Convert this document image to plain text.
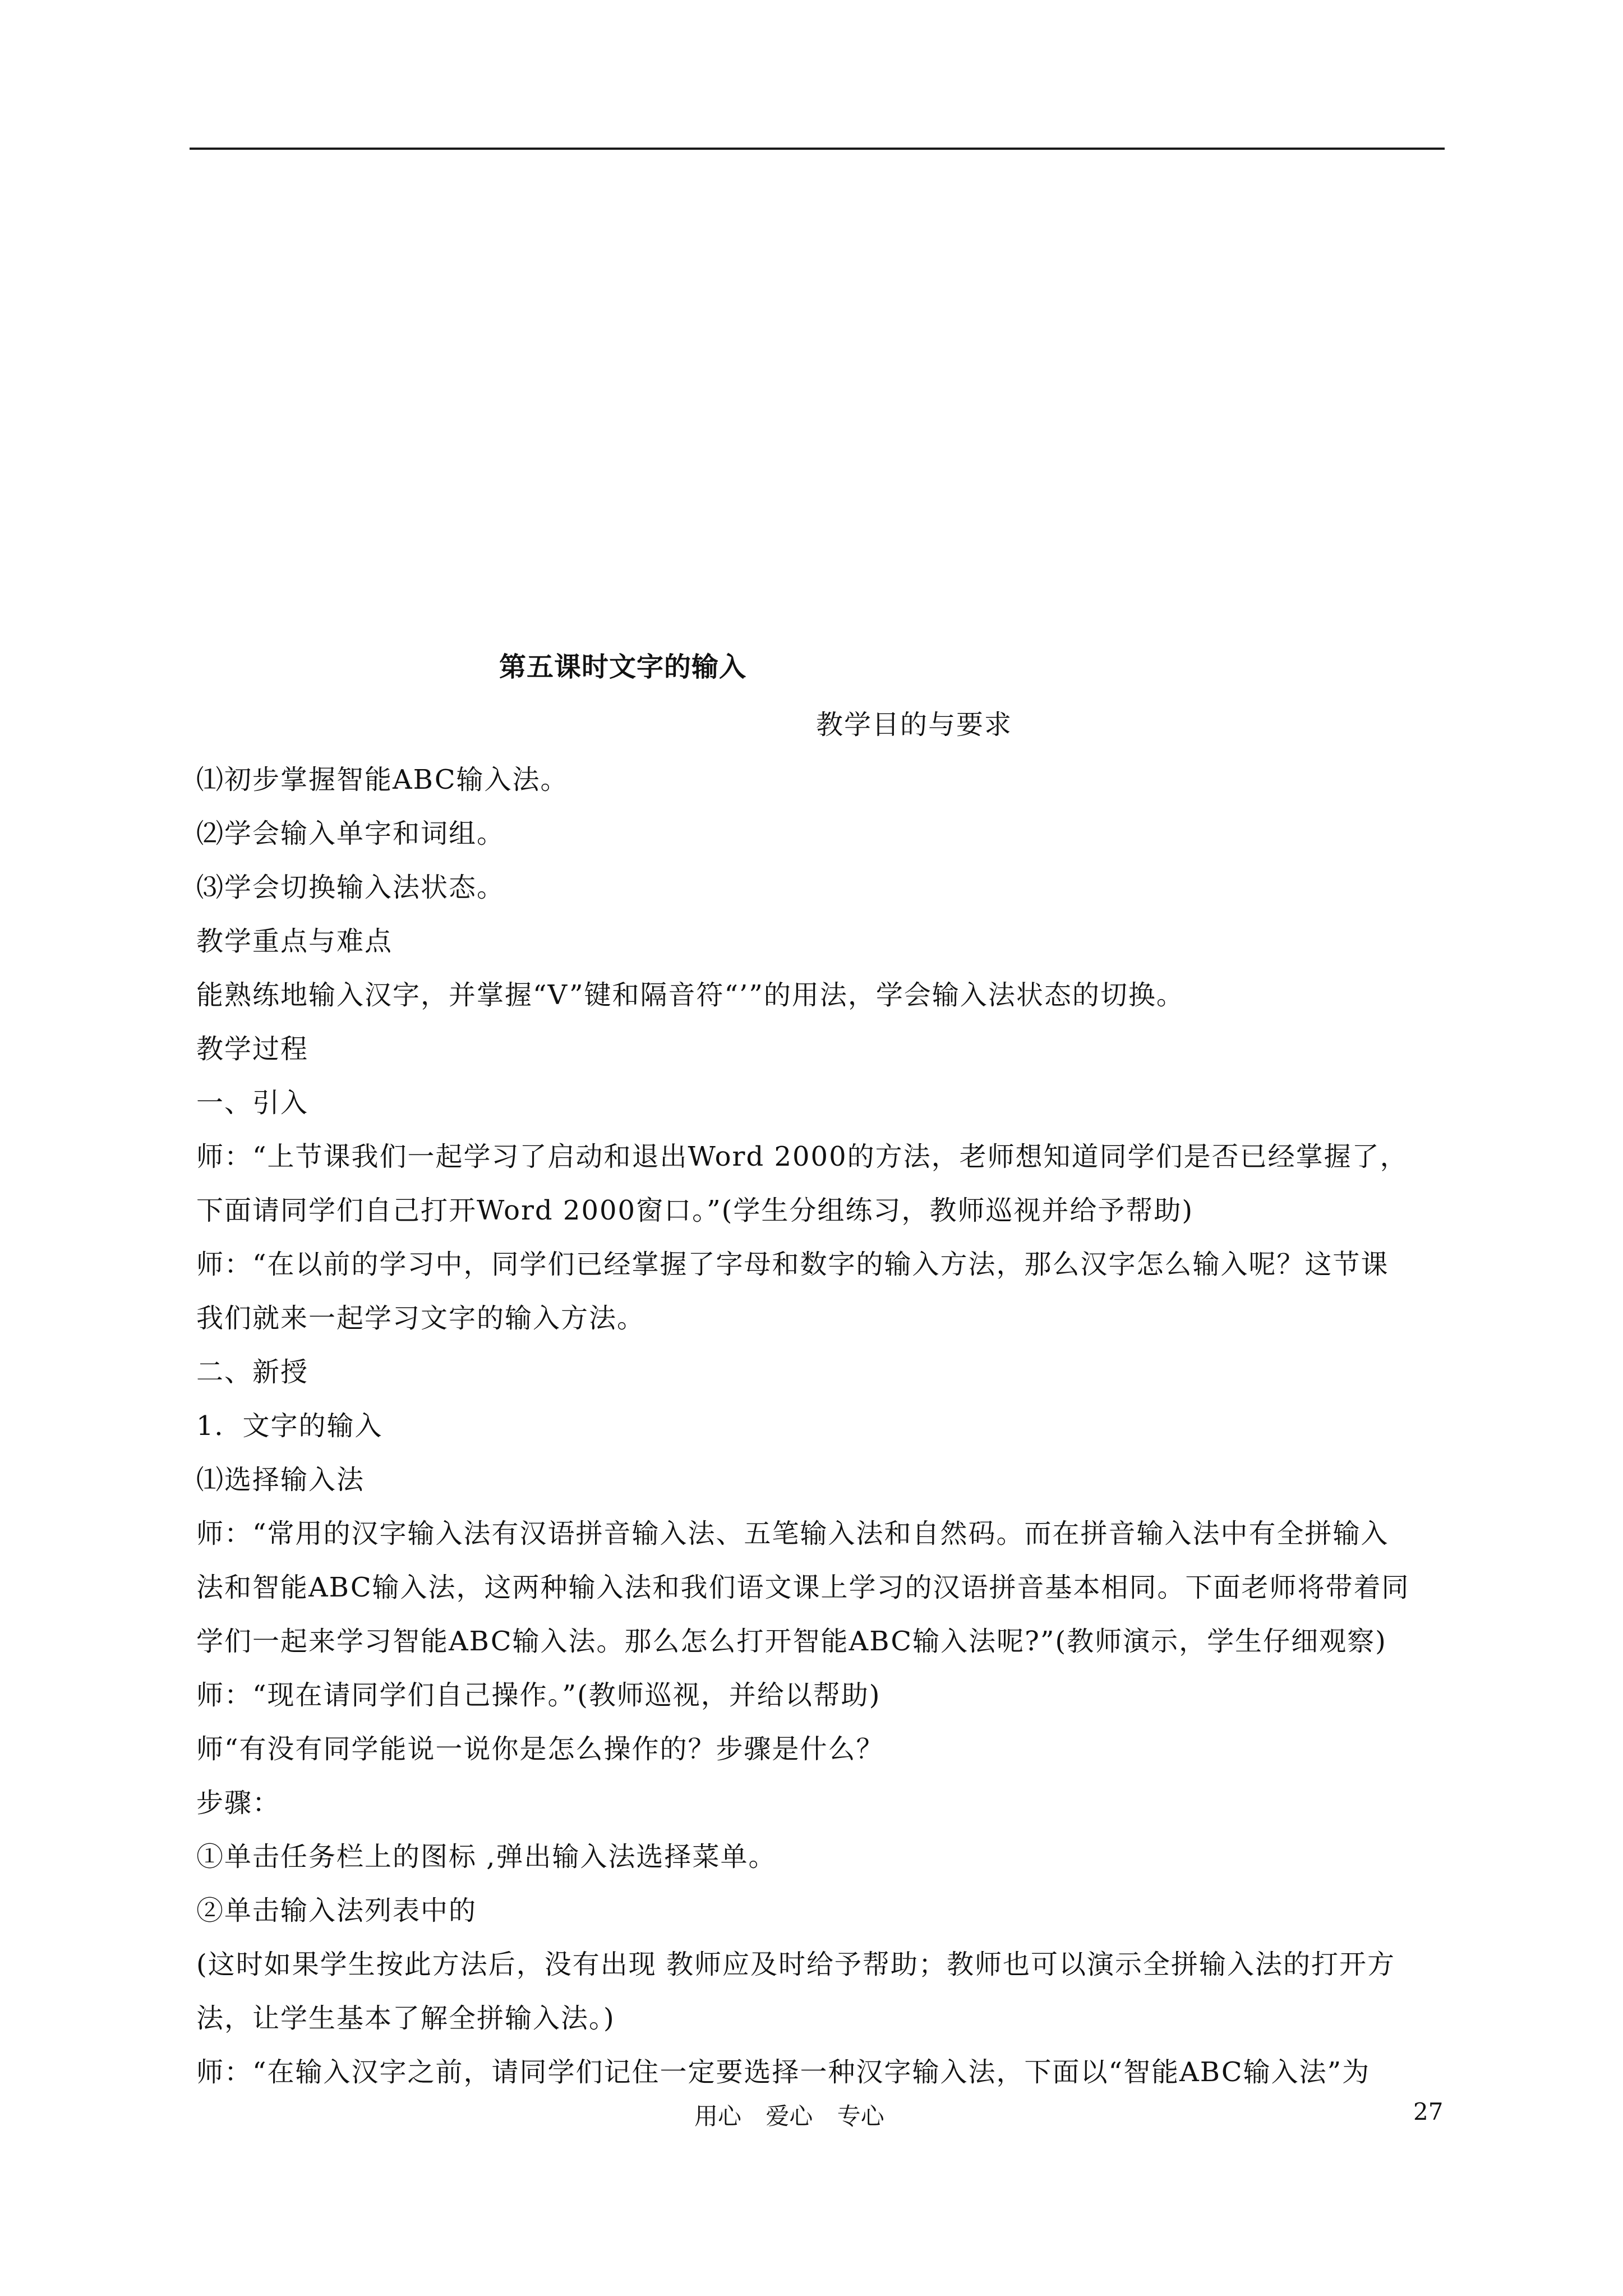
第五课时文字的输入
教学目的与要求
⑴初步掌握智能ABC输入法。
⑵学会输入单字和词组。
⑶学会切换输入法状态。
教学重点与难点
能熟练地输入汉字，并掌握“V”键和隔音符“’”的用法，学会输入法状态的切换。
教学过程
一、引入
师：“上节课我们一起学习了启动和退出Word 2000的方法，老师想知道同学们是否已经掌握了，
下面请同学们自己打开Word 2000窗口。”(学生分组练习，教师巡视并给予帮助)
师：“在以前的学习中，同学们已经掌握了字母和数字的输入方法，那么汉字怎么输入呢？这节课
我们就来一起学习文字的输入方法。
二、新授
1．文字的输入
⑴选择输入法
师：“常用的汉字输入法有汉语拼音输入法、五笔输入法和自然码。而在拼音输入法中有全拼输入
法和智能ABC输入法，这两种输入法和我们语文课上学习的汉语拼音基本相同。下面老师将带着同
学们一起来学习智能ABC输入法。那么怎么打开智能ABC输入法呢?”(教师演示，学生仔细观察)
师：“现在请同学们自己操作。”(教师巡视，并给以帮助)
师“有没有同学能说一说你是怎么操作的？步骤是什么？
步骤：
①单击任务栏上的图标 ,弹出输入法选择菜单。
②单击输入法列表中的
(这时如果学生按此方法后，没有出现 教师应及时给予帮助；教师也可以演示全拼输入法的打开方
法，让学生基本了解全拼输入法。)
师：“在输入汉字之前，请同学们记住一定要选择一种汉字输入法，下面以“智能ABC输入法”为
用心 爱心 专心	27
